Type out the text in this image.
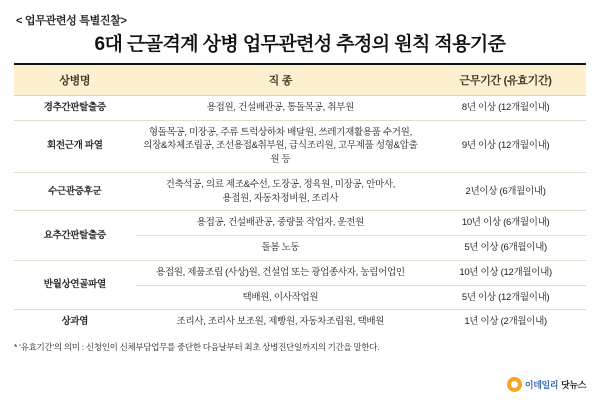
< 업무관련성 특별진찰>
6대 근골격계 상병 업무관련성 추정의 원칙 적용기준
상병명	직 종	근무기간 (유효기간)
경추간판탈출증	용접원, 건설배관공, 통돌목공, 취부원	8년 이상 (12개월이내)
회전근개 파열	형돌목공, 미장공, 주류 트럭상하차 배달원, 쓰레기재활용품 수거원,
의장&차체조립공, 조선용접&취부원, 급식조리원, 고무제품 성형&압출원 등	9년 이상 (12개월이내)
수근관증후군	건축석공, 의료 제조&수선, 도장공, 정육원, 미장공, 안마사,
용접원, 자동차정비원, 조리사	2년이상 (6개월이내)
요추간판탈출증	용접공, 건설배관공, 중량물 작업자, 운전원	10년 이상 (6개월이내)
	돌봄 노동	5년 이상 (6개월이내)
반월상연골파열	용접원, 제품조립 (사상)원, 건설업 또는 광업종사자, 농림어업인	10년 이상 (12개월이내)
	택배원, 이사작업원	5년 이상 (12개월이내)
상과염	조리사, 조리사 보조원, 제빵원, 자동차조립원, 택배원	1년 이상 (2개월이내)
* ‘유효기간’의 의미 : 신청인이 신체부담업무를 중단한 다음날부터 최초 상병진단일까지의 기간을 말한다.
이데일리 닷뉴스
